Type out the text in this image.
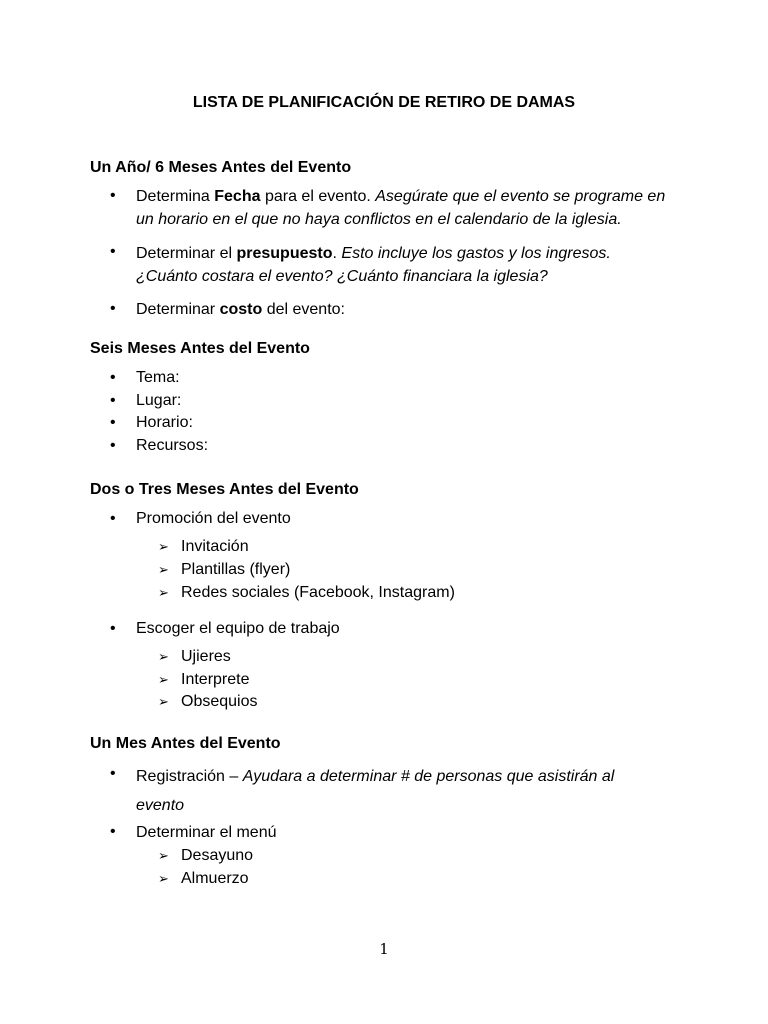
LISTA DE PLANIFICACIÓN DE RETIRO DE DAMAS
Un Año/ 6 Meses Antes del Evento
• Determina Fecha para el evento. Asegúrate que el evento se programe en
un horario en el que no haya conflictos en el calendario de la iglesia.
• Determinar el presupuesto. Esto incluye los gastos y los ingresos.
¿Cuánto costara el evento? ¿Cuánto financiara la iglesia?
• Determinar costo del evento:
Seis Meses Antes del Evento
• Tema:
• Lugar:
• Horario:
• Recursos:
Dos o Tres Meses Antes del Evento
• Promoción del evento
➢ Invitación
➢ Plantillas (flyer)
➢ Redes sociales (Facebook, Instagram)
• Escoger el equipo de trabajo
➢ Ujieres
➢ Interprete
➢ Obsequios
Un Mes Antes del Evento
• Registración – Ayudara a determinar # de personas que asistirán al
evento
• Determinar el menú
➢ Desayuno
➢ Almuerzo
1
